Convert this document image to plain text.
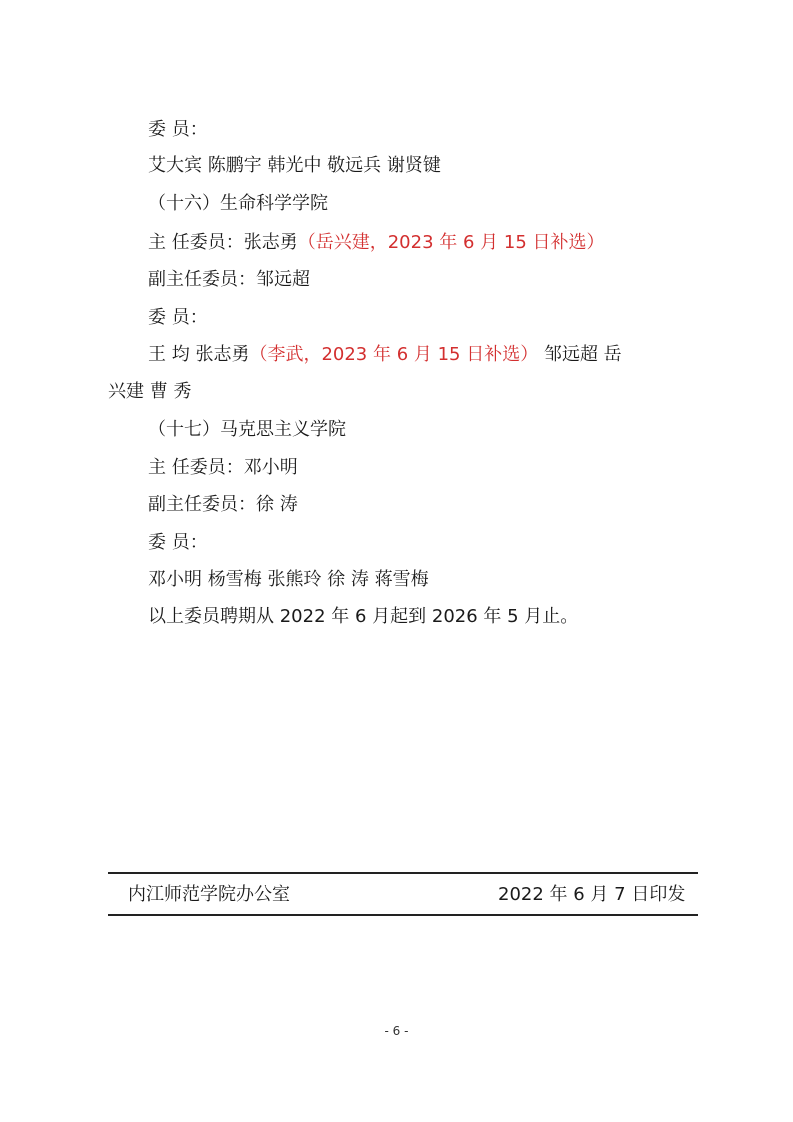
委 员：
艾大宾 陈鹏宇 韩光中 敬远兵 谢贤键
（十六）生命科学学院
主 任委员：张志勇（岳兴建，2023 年 6 月 15 日补选）
副主任委员：邹远超
委 员：
王 均 张志勇（李武，2023 年 6 月 15 日补选） 邹远超 岳
兴建 曹 秀
（十七）马克思主义学院
主 任委员：邓小明
副主任委员：徐 涛
委 员：
邓小明 杨雪梅 张熊玲 徐 涛 蒋雪梅
以上委员聘期从 2022 年 6 月起到 2026 年 5 月止。
内江师范学院办公室	2022 年 6 月 7 日印发
- 6 -
